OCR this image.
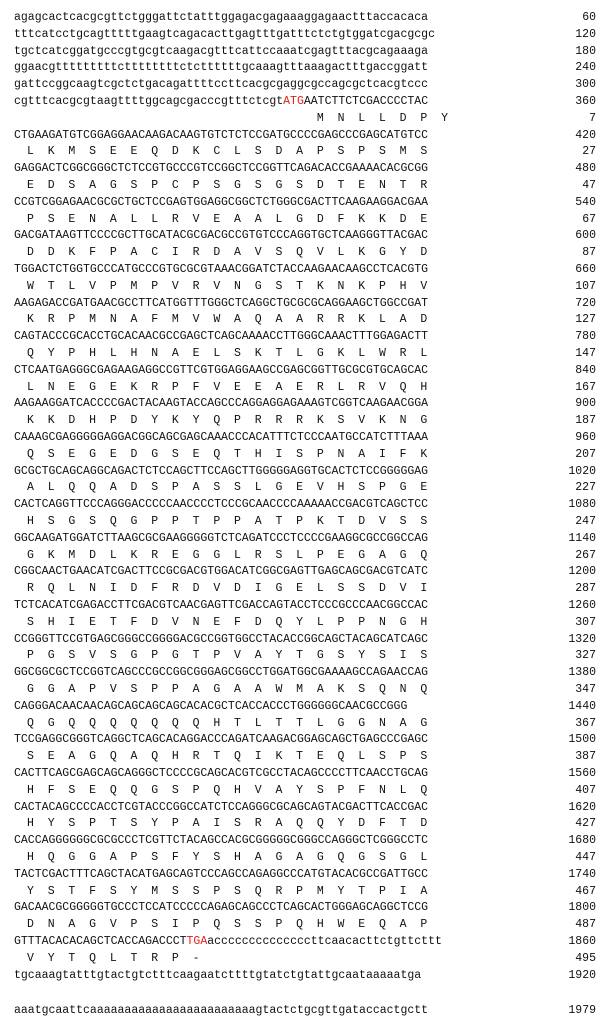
agagcactcacgcgttctgggattctatttggagacgagaaaggagaactttaccacaca	60
tttcatcctgcagtttttgaagtcagacacttgagtttgatttctctgtggatcgacgcgc	120
tgctcatcggatgcccgtgcgtcaagacgtttcattccaaatcgagtttacgcagaaaga	180
ggaacgtttttttttcttttttttctcttttttgcaaagtttaaagactttgaccggatt	240
gattccggcaagtcgctctgacagattttccttcacgcgaggcgccagcgctcacgtccc	300
cgtttcacgcgtaagttttggcagcgacccgtttctcgtATGAATCTTCTCGACCCCTAC	360
M  N  L  L  D  P  Y	7
CTGAAGATGTCGGAGGAACAAGACAAGTGTCTCTCCGATGCCCCGAGCCCGAGCATGTCC	420
L  K  M  S  E  E  Q  D  K  C  L  S  D  A  P  S  P  S  M  S	27
GAGGACTCGGCGGGCTCTCCGTGCCCGTCCGGCTCCGGTTCAGACACCGAAAACACGCGG	480
E  D  S  A  G  S  P  C  P  S  G  S  G  S  D  T  E  N  T  R	47
CCGTCGGAGAACGCGCTGCTCCGAGTGGAGGCGGCTCTGGGCGACTTCAAGAAGGACGAA	540
P  S  E  N  A  L  L  R  V  E  A  A  L  G  D  F  K  K  D  E	67
GACGATAAGTTCCCCGCTTGCATACGCGACGCCGTGTCCCAGGTGCTCAAGGGTTACGAC	600
D  D  K  F  P  A  C  I  R  D  A  V  S  Q  V  L  K  G  Y  D	87
TGGACTCTGGTGCCCATGCCCGTGCGCGTAAACGGATCTACCAAGAACAAGCCTCACGTG	660
W  T  L  V  P  M  P  V  R  V  N  G  S  T  K  N  K  P  H  V	107
AAGAGACCGATGAACGCCTTCATGGTTTGGGCTCAGGCTGCGCGCAGGAAGCTGGCCGAT	720
K  R  P  M  N  A  F  M  V  W  A  Q  A  A  R  R  K  L  A  D	127
CAGTACCCGCACCTGCACAACGCCGAGCTCAGCAAAACCTTGGGCAAACTTTGGAGACTT	780
Q  Y  P  H  L  H  N  A  E  L  S  K  T  L  G  K  L  W  R  L	147
CTCAATGAGGGCGAGAAGAGGCCGTTCGTGGAGGAAGCCGAGCGGTTGCGCGTGCAGCAC	840
L  N  E  G  E  K  R  P  F  V  E  E  A  E  R  L  R  V  Q  H	167
AAGAAGGATCACCCCGACTACAAGTACCAGCCCAGGAGGAGAAAGTCGGTCAAGAACGGA	900
K  K  D  H  P  D  Y  K  Y  Q  P  R  R  R  K  S  V  K  N  G	187
CAAAGCGAGGGGGAGGACGGCAGCGAGCAAACCCACATTTCTCCCAATGCCATCTTTAAA	960
Q  S  E  G  E  D  G  S  E  Q  T  H  I  S  P  N  A  I  F  K	207
GCGCTGCAGCAGGCAGACTCTCCAGCTTCCAGCTTGGGGGAGGTGCACTCTCCGGGGGAG	1020
A  L  Q  Q  A  D  S  P  A  S  S  L  G  E  V  H  S  P  G  E	227
CACTCAGGTTCCCAGGGACCCCCAACCCCTCCCGCAACCCCAAAAACCGACGTCAGCTCC	1080
H  S  G  S  Q  G  P  P  T  P  P  A  T  P  K  T  D  V  S  S	247
GGCAAGATGGATCTTAAGCGCGAAGGGGGTCTCAGATCCCTCCCCGAAGGCGCCGGCCAG	1140
G  K  M  D  L  K  R  E  G  G  L  R  S  L  P  E  G  A  G  Q	267
CGGCAACTGAACATCGACTTCCGCGACGTGGACATCGGCGAGTTGAGCAGCGACGTCATC	1200
R  Q  L  N  I  D  F  R  D  V  D  I  G  E  L  S  S  D  V  I	287
TCTCACATCGAGACCTTCGACGTCAACGAGTTCGACCAGTACCTCCCGCCCAACGGCCAC	1260
S  H  I  E  T  F  D  V  N  E  F  D  Q  Y  L  P  P  N  G  H	307
CCGGGTTCCGTGAGCGGGCCGGGGACGCCGGTGGCCTACACCGGCAGCTACAGCATCAGC	1320
P  G  S  V  S  G  P  G  T  P  V  A  Y  T  G  S  Y  S  I  S	327
GGCGGCGCTCCGGTCAGCCCGCCGGCGGGAGCGGCCTGGATGGCGAAAAGCCAGAACCAG	1380
G  G  A  P  V  S  P  P  A  G  A  A  W  M  A  K  S  Q  N  Q	347
CAGGGACAACAACAGCAGCAGCAGCACACGCTCACCACCCTGGGGGGCAACGCCGGG	1440
Q  G  Q  Q  Q  Q  Q  Q  Q  H  T  L  T  T  L  G  G  N  A  G	367
TCCGAGGCGGGTCAGGCTCAGCACAGGACCCAGATCAAGACGGAGCAGCTGAGCCCGAGC	1500
S  E  A  G  Q  A  Q  H  R  T  Q  I  K  T  E  Q  L  S  P  S	387
CACTTCAGCGAGCAGCAGGGCTCCCCGCAGCACGTCGCCTACAGCCCCTTCAACCTGCAG	1560
H  F  S  E  Q  Q  G  S  P  Q  H  V  A  Y  S  P  F  N  L  Q	407
CACTACAGCCCCACCTCGTACCCGGCCATCTCCAGGGCGCAGCAGTACGACTTCACCGAC	1620
H  Y  S  P  T  S  Y  P  A  I  S  R  A  Q  Q  Y  D  F  T  D	427
CACCAGGGGGGCGCGCCCTCGTTCTACAGCCACGCGGGGGCGGGCCAGGGCTCGGGCCTC	1680
H  Q  G  G  A  P  S  F  Y  S  H  A  G  A  G  Q  G  S  G  L	447
TACTCGACTTTCAGCTACATGAGCAGTCCCAGCCAGAGGCCCATGTACACGCCGATTGCC	1740
Y  S  T  F  S  Y  M  S  S  P  S  Q  R  P  M  Y  T  P  I  A	467
GACAACGCGGGGGTGCCCTCCATCCCCCAGAGCAGCCCTCAGCACTGGGAGCAGGCTCCG	1800
D  N  A  G  V  P  S  I  P  Q  S  S  P  Q  H  W  E  Q  A  P	487
GTTTACACACAGCTCACCAGACCCTTGAaccccccccccccccttcaacacttctgttcttt	1860
V  Y  T  Q  L  T  R  P  -	495
tgcaaagtatttgtactgtctttcaagaatcttttgtatctgtattgcaataaaaatga	1920
aaatgcaattcaaaaaaaaaaaaaaaaaaaaaaaagtactctgcgttgataccactgctt	1979
